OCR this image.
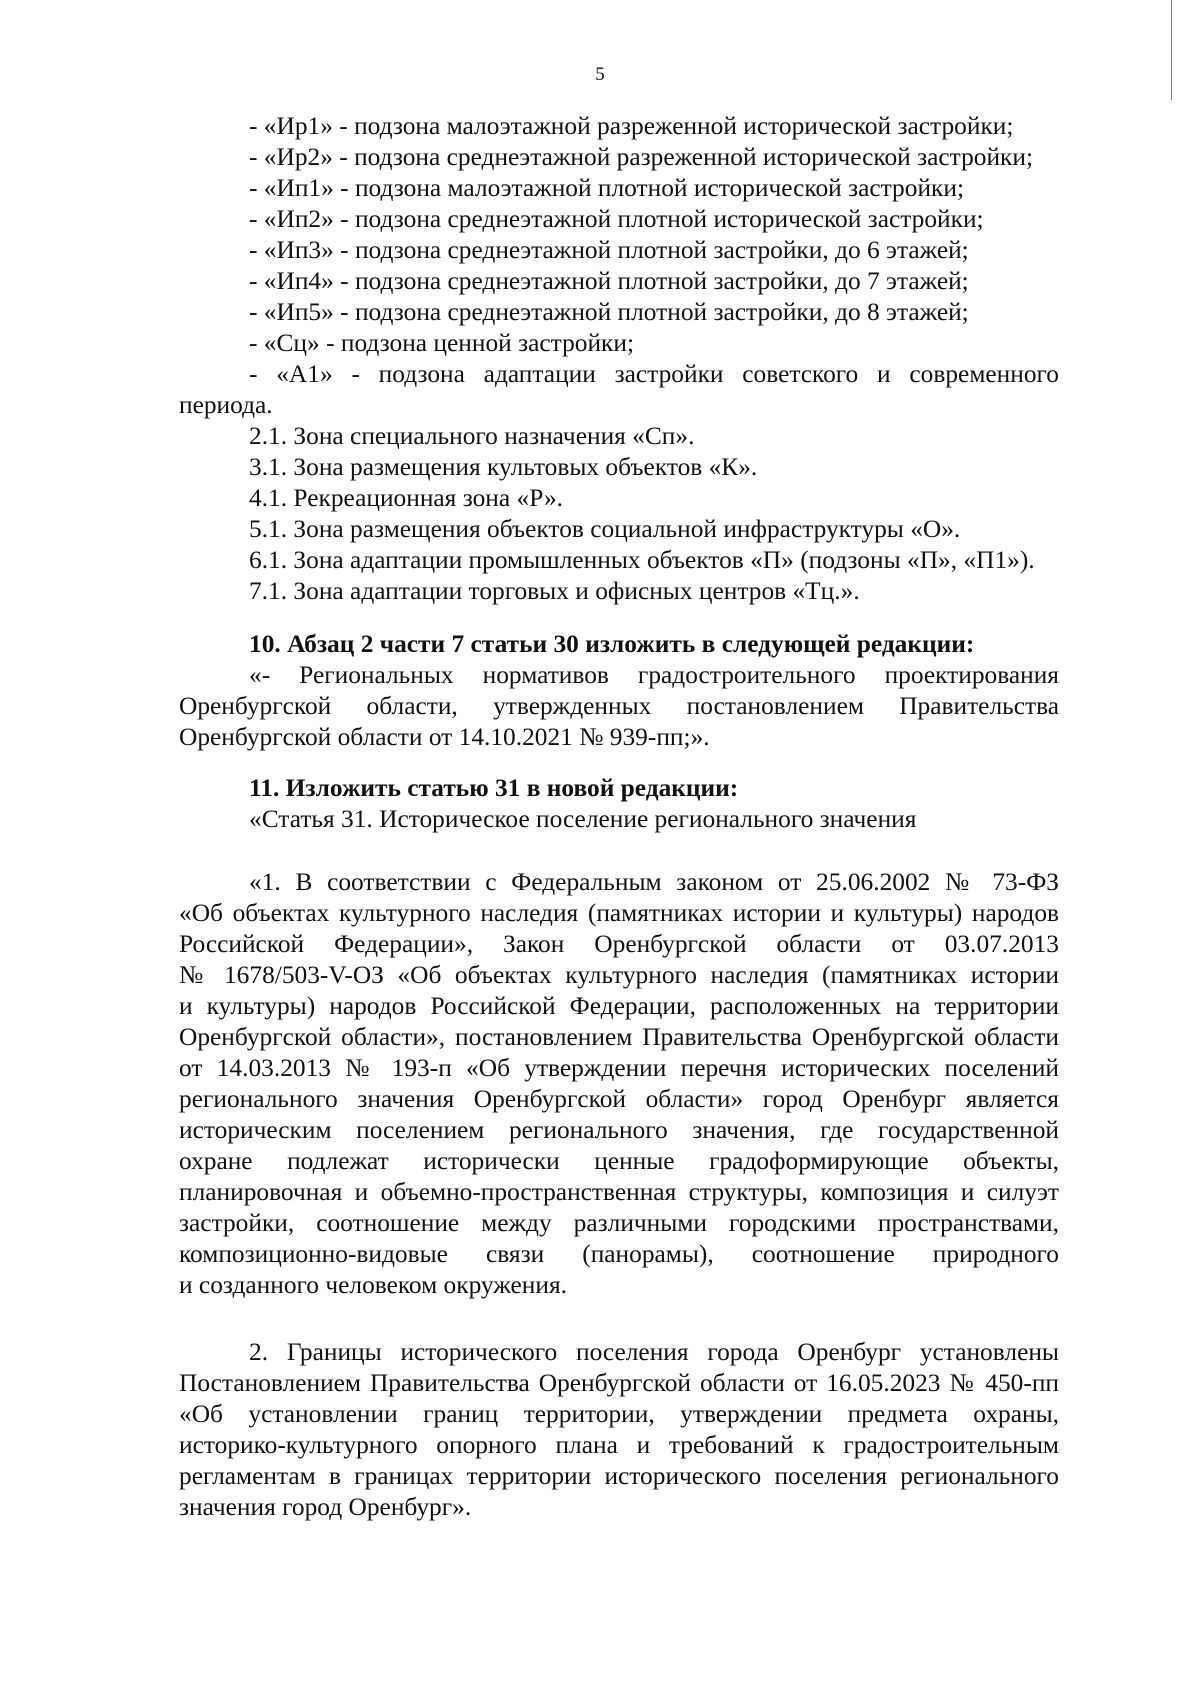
5

- «Ир1» - подзона малоэтажной разреженной исторической застройки;

- «Ир2» - подзона среднеэтажной разреженной исторической застройки;

- «Ип1» - подзона малоэтажной плотной исторической застройки;

- «Ип2» - подзона среднеэтажной плотной исторической застройки;

- «Ип3» - подзона среднеэтажной плотной застройки, до 6 этажей;

- «Ип4» - подзона среднеэтажной плотной застройки, до 7 этажей;

- «Ип5» - подзона среднеэтажной плотной застройки, до 8 этажей;

- «Сц» - подзона ценной застройки;

- «А1» - подзона адаптации застройки советского и современного

периода.

2.1. Зона специального назначения «Сп».

3.1. Зона размещения культовых объектов «К».

4.1. Рекреационная зона «Р».

5.1. Зона размещения объектов социальной инфраструктуры «О».

6.1. Зона адаптации промышленных объектов «П» (подзоны «П», «П1»).

7.1. Зона адаптации торговых и офисных центров «Тц.».

10. Абзац 2 части 7 статьи 30 изложить в следующей редакции:

«- Региональных нормативов градостроительного проектирования

Оренбургской области, утвержденных постановлением Правительства

Оренбургской области от 14.10.2021 № 939-пп;».

11. Изложить статью 31 в новой редакции:

«Статья 31. Историческое поселение регионального значения

«1. В соответствии с Федеральным законом от 25.06.2002 № 73-ФЗ

«Об объектах культурного наследия (памятниках истории и культуры) народов

Российской Федерации», Закон Оренбургской области от 03.07.2013

№ 1678/503-V-ОЗ «Об объектах культурного наследия (памятниках истории

и культуры) народов Российской Федерации, расположенных на территории

Оренбургской области», постановлением Правительства Оренбургской области

от 14.03.2013 № 193-п «Об утверждении перечня исторических поселений

регионального значения Оренбургской области» город Оренбург является

историческим поселением регионального значения, где государственной

охране подлежат исторически ценные градоформирующие объекты,

планировочная и объемно-пространственная структуры, композиция и силуэт

застройки, соотношение между различными городскими пространствами,

композиционно-видовые связи (панорамы), соотношение природного

и созданного человеком окружения.

2. Границы исторического поселения города Оренбург установлены

Постановлением Правительства Оренбургской области от 16.05.2023 № 450-пп

«Об установлении границ территории, утверждении предмета охраны,

историко-культурного опорного плана и требований к градостроительным

регламентам в границах территории исторического поселения регионального

значения город Оренбург».
